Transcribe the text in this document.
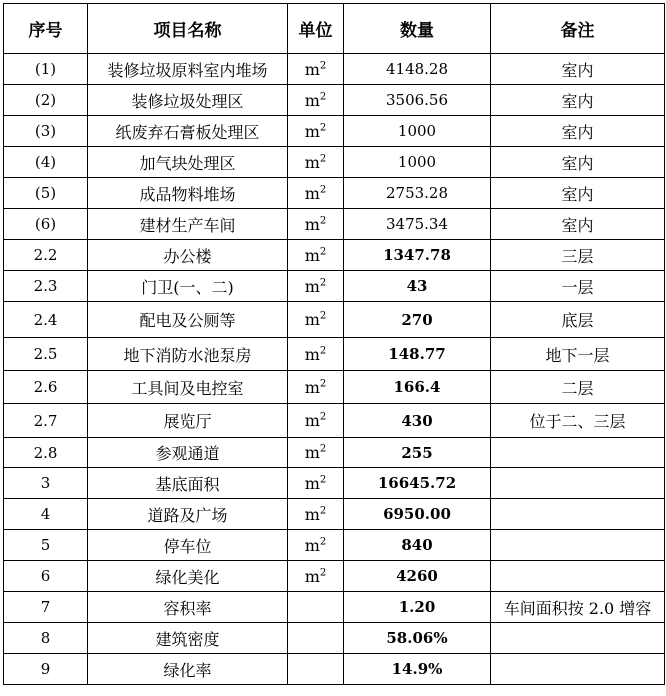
序号	项目名称	单位	数量	备注
(1)	装修垃圾原料室内堆场	$m^2$	4148.28	室内
(2)	装修垃圾处理区	$m^2$	3506.56	室内
(3)	纸废弃石膏板处理区	$m^2$	1000	室内
(4)	加气块处理区	$m^2$	1000	室内
(5)	成品物料堆场	$m^2$	2753.28	室内
(6)	建材生产车间	$m^2$	3475.34	室内
2.2	办公楼	$m^2$	1347.78	三层
2.3	门卫(一、二)	$m^2$	43	一层
2.4	配电及公厕等	$m^2$	270	底层
2.5	地下消防水池泵房	$m^2$	148.77	地下一层
2.6	工具间及电控室	$m^2$	166.4	二层
2.7	展览厅	$m^2$	430	位于二、三层
2.8	参观通道	$m^2$	255	
3	基底面积	$m^2$	16645.72	
4	道路及广场	$m^2$	6950.00	
5	停车位	$m^2$	840	
6	绿化美化	$m^2$	4260	
7	容积率		1.20	车间面积按 2.0 增容
8	建筑密度		58.06%	
9	绿化率		14.9%	
